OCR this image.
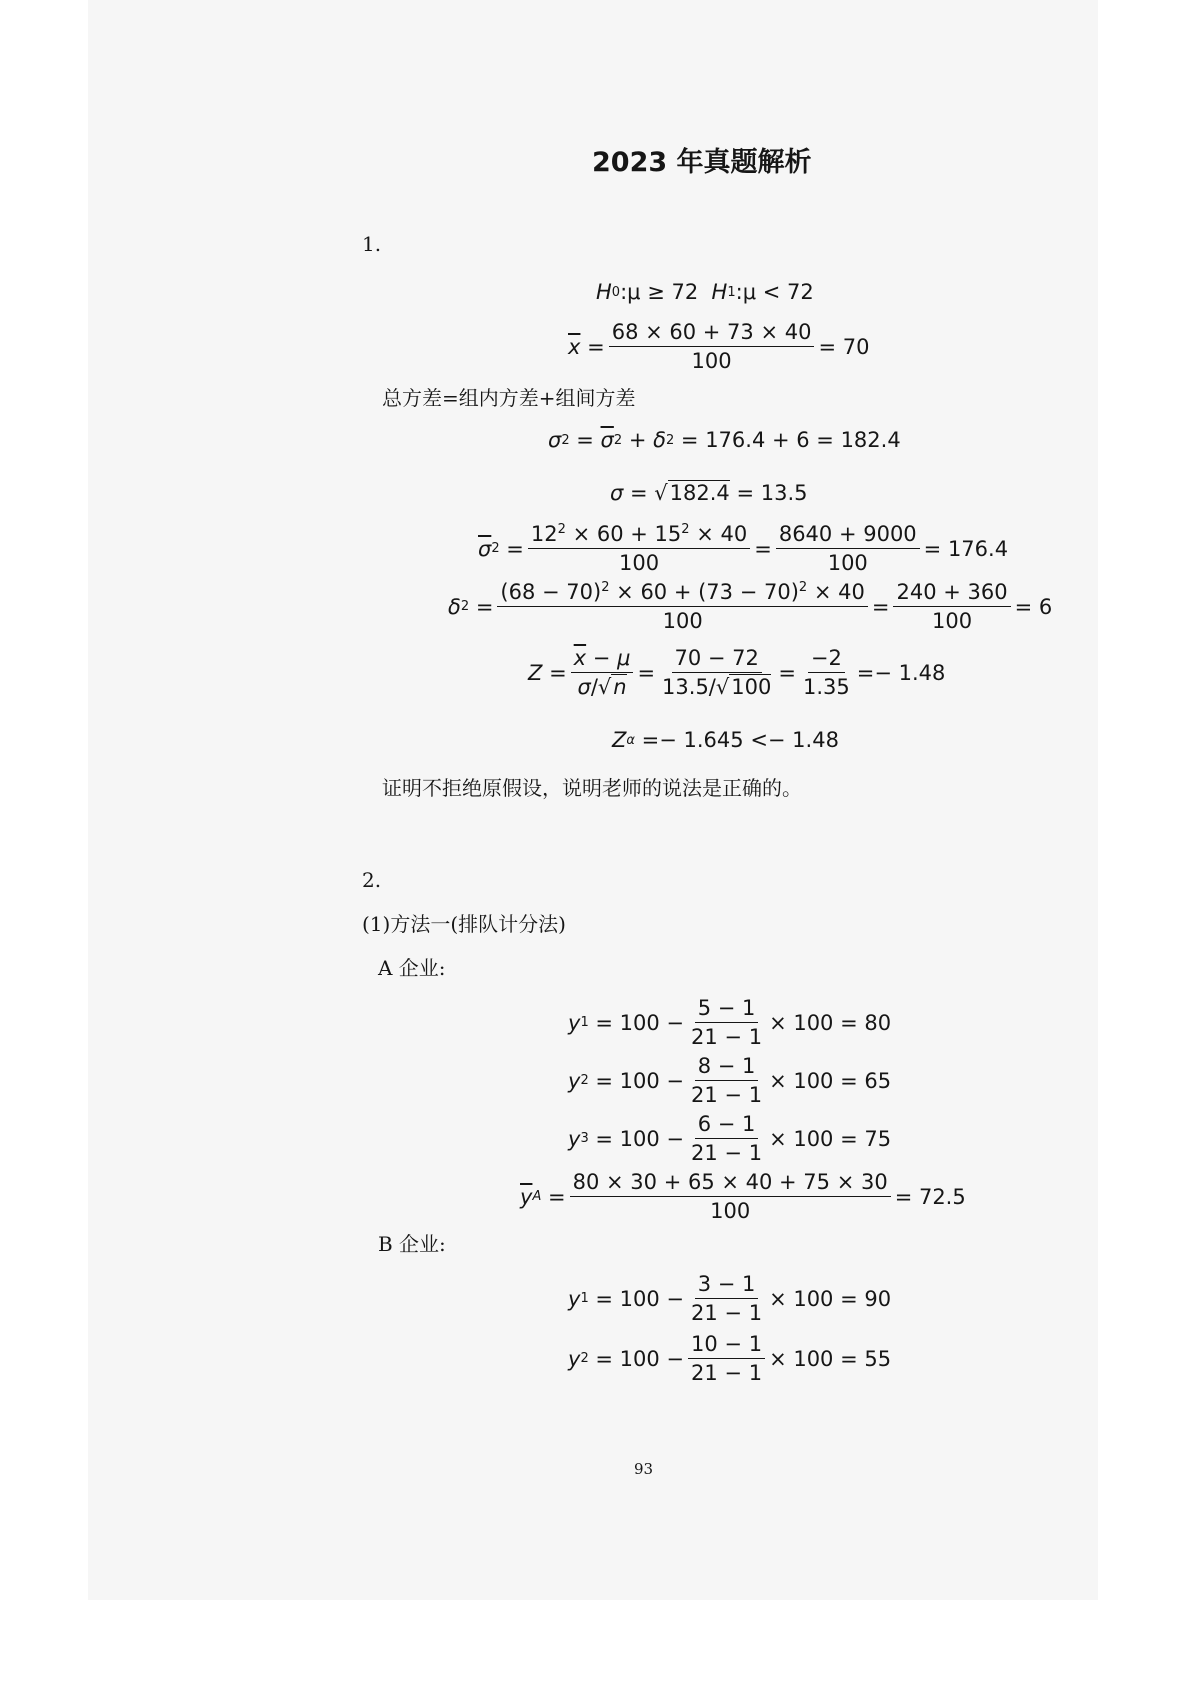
2023 年真题解析
1.
H 0 : μ ≥ 72
H 1 : μ < 72
$\overline{x} = \frac{68 \times 60 + 73 \times 40}{100} = 70$
总方差=组内方差+组间方差
σ $2 = \overline{\sigma}$ 2 + δ 2
= 176.4 + 6 = 182.4
σ = √ 182.4
= 13.5
$\overline{\sigma}$ $2 = \frac{12^2 \times 60 + 15^2 \times 40}{100} = \frac{8640 + 9000}{100} = 176.4$
δ $2 = \frac{(68 - 70)^2 \times 60 + (73 - 70)^2 \times 40}{100} = \frac{240 + 360}{100} = 6$
$Z = \frac{\overline{x} - \mu}{\sigma/√n} = \frac{70 - 72}{13.5/√100} = \frac{-2}{1.35} =- 1.48$
Z α
=− 1.645 <− 1.48
证明不拒绝原假设，说明老师的说法是正确的。
2.
(1)方法一(排队计分法)
A 企业:
y $1 = 100 - \frac{5 - 1}{21 - 1} \times 100 = 80$
y $2 = 100 - \frac{8 - 1}{21 - 1} \times 100 = 65$
y $3 = 100 - \frac{6 - 1}{21 - 1} \times 100 = 75$
$\overline{y}$ $A = \frac{80 \times 30 + 65 \times 40 + 75 \times 30}{100} = 72.5$
B 企业:
y $1 = 100 - \frac{3 - 1}{21 - 1} \times 100 = 90$
y $2 = 100 - \frac{10 - 1}{21 - 1} \times 100 = 55$
93
